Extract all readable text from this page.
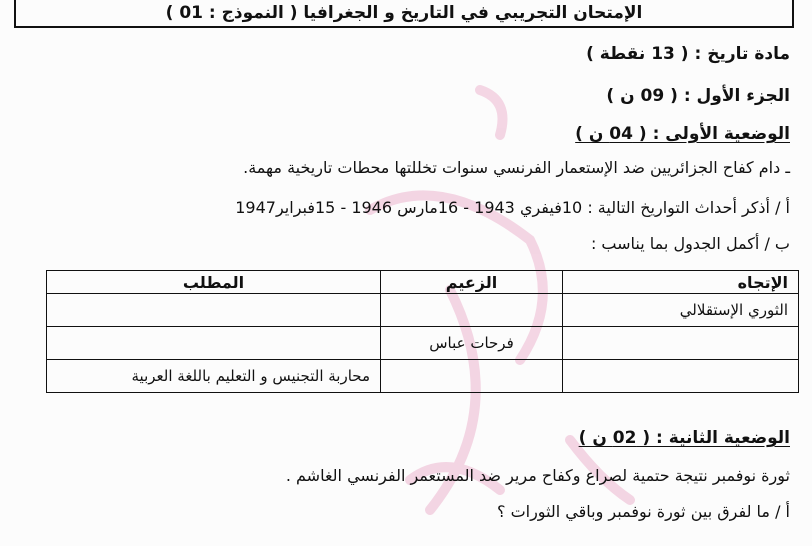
الإمتحان التجريبي في التاريخ و الجغرافيا ( النموذج : 01 )
مادة تاريخ : ( 13 نقطة )
الجزء الأول : ( 09 ن )
الوضعية الأولى : ( 04 ن )
ـ دام كفاح الجزائريين ضد الإستعمار الفرنسي سنوات تخللتها محطات تاريخية مهمة.
أ / أذكر أحداث التواريخ التالية : 10فيفري 1943 - 16مارس 1946 - 15فبراير1947
ب / أكمل الجدول بما يناسب :
الإتجاه	الزعيم	المطلب
الثوري الإستقلالي		
	فرحات عباس	
		محاربة التجنيس و التعليم باللغة العربية
الوضعية الثانية : ( 02 ن )
ثورة نوفمبر نتيجة حتمية لصراع وكفاح مرير ضد المستعمر الفرنسي الغاشم .
أ / ما لفرق بين ثورة نوفمبر وباقي الثورات ؟
